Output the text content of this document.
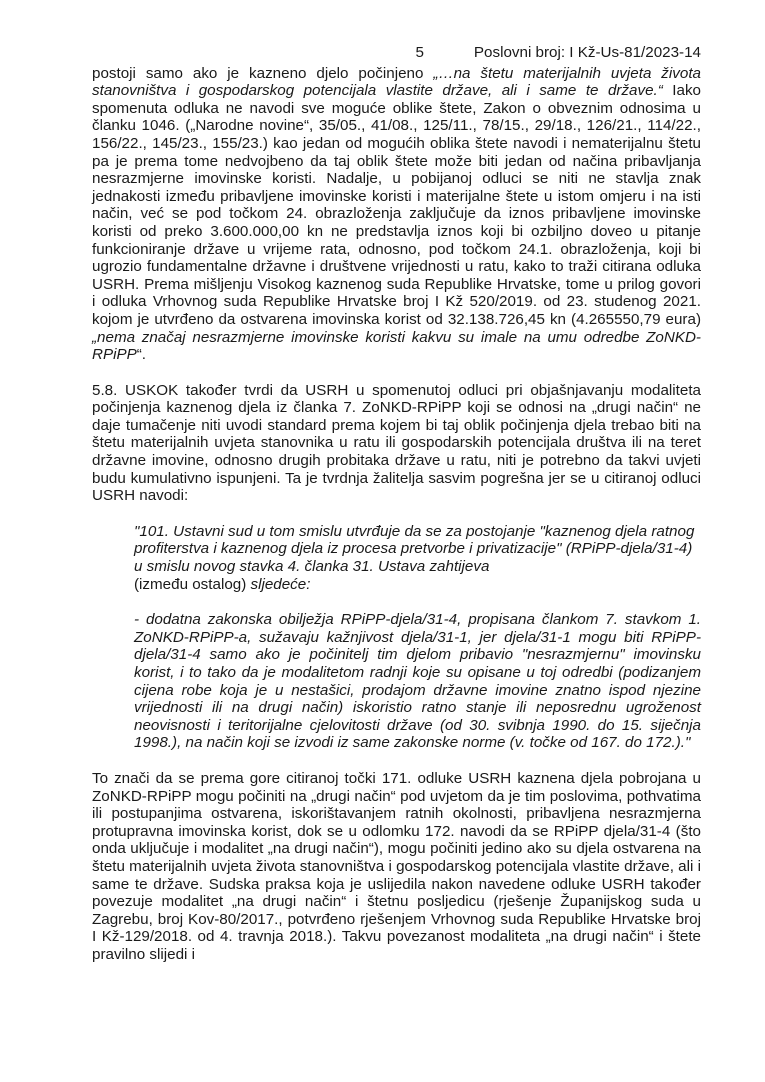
5	Poslovni broj: I Kž-Us-81/2023-14

postoji samo ako je kazneno djelo počinjeno „…na štetu materijalnih uvjeta života stanovništva i gospodarskog potencijala vlastite države, ali i same te države.“ Iako spomenuta odluka ne navodi sve moguće oblike štete, Zakon o obveznim odnosima u članku 1046. („Narodne novine“, 35/05., 41/08., 125/11., 78/15., 29/18., 126/21., 114/22., 156/22., 145/23., 155/23.) kao jedan od mogućih oblika štete navodi i nematerijalnu štetu pa je prema tome nedvojbeno da taj oblik štete može biti jedan od načina pribavljanja nesrazmjerne imovinske koristi. Nadalje, u pobijanoj odluci se niti ne stavlja znak jednakosti između pribavljene imovinske koristi i materijalne štete u istom omjeru i na isti način, već se pod točkom 24. obrazloženja zaključuje da iznos pribavljene imovinske koristi od preko 3.600.000,00 kn ne predstavlja iznos koji bi ozbiljno doveo u pitanje funkcioniranje države u vrijeme rata, odnosno, pod točkom 24.1. obrazloženja, koji bi ugrozio fundamentalne državne i društvene vrijednosti u ratu, kako to traži citirana odluka USRH. Prema mišljenju Visokog kaznenog suda Republike Hrvatske, tome u prilog govori i odluka Vrhovnog suda Republike Hrvatske broj I Kž 520/2019. od 23. studenog 2021. kojom je utvrđeno da ostvarena imovinska korist od 32.138.726,45 kn (4.265550,79 eura) „nema značaj nesrazmjerne imovinske koristi kakvu su imale na umu odredbe ZoNKD-RPiPP“.

5.8. USKOK također tvrdi da USRH u spomenutoj odluci pri objašnjavanju modaliteta počinjenja kaznenog djela iz članka 7. ZoNKD-RPiPP koji se odnosi na „drugi način“ ne daje tumačenje niti uvodi standard prema kojem bi taj oblik počinjenja djela trebao biti na štetu materijalnih uvjeta stanovnika u ratu ili gospodarskih potencijala društva ili na teret državne imovine, odnosno drugih probitaka države u ratu, niti je potrebno da takvi uvjeti budu kumulativno ispunjeni. Ta je tvrdnja žalitelja sasvim pogrešna jer se u citiranoj odluci USRH navodi:

"101. Ustavni sud u tom smislu utvrđuje da se za postojanje "kaznenog djela ratnog profiterstva i kaznenog djela iz procesa pretvorbe i privatizacije" (RPiPP-djela/31-4) u smislu novog stavka 4. članka 31. Ustava zahtijeva
(između ostalog) sljedeće:

- dodatna zakonska obilježja RPiPP-djela/31-4, propisana člankom 7. stavkom 1. ZoNKD-RPiPP-a, sužavaju kažnjivost djela/31-1, jer djela/31-1 mogu biti RPiPP-djela/31-4 samo ako je počinitelj tim djelom pribavio "nesrazmjernu" imovinsku korist, i to tako da je modalitetom radnji koje su opisane u toj odredbi (podizanjem cijena robe koja je u nestašici, prodajom državne imovine znatno ispod njezine vrijednosti ili na drugi način) iskoristio ratno stanje ili neposrednu ugroženost neovisnosti i teritorijalne cjelovitosti države (od 30. svibnja 1990. do 15. siječnja 1998.), na način koji se izvodi iz same zakonske norme (v. točke od 167. do 172.)."

To znači da se prema gore citiranoj točki 171. odluke USRH kaznena djela pobrojana u ZoNKD-RPiPP mogu počiniti na „drugi način“ pod uvjetom da je tim poslovima, pothvatima ili postupanjima ostvarena, iskorištavanjem ratnih okolnosti, pribavljena nesrazmjerna protupravna imovinska korist, dok se u odlomku 172. navodi da se RPiPP djela/31-4 (što onda uključuje i modalitet „na drugi način“), mogu počiniti jedino ako su djela ostvarena na štetu materijalnih uvjeta života stanovništva i gospodarskog potencijala vlastite države, ali i same te države. Sudska praksa koja je uslijedila nakon navedene odluke USRH također povezuje modalitet „na drugi način“ i štetnu posljedicu (rješenje Županijskog suda u Zagrebu, broj Kov-80/2017., potvrđeno rješenjem Vrhovnog suda Republike Hrvatske broj I Kž-129/2018. od 4. travnja 2018.). Takvu povezanost modaliteta „na drugi način“ i štete pravilno slijedi i
